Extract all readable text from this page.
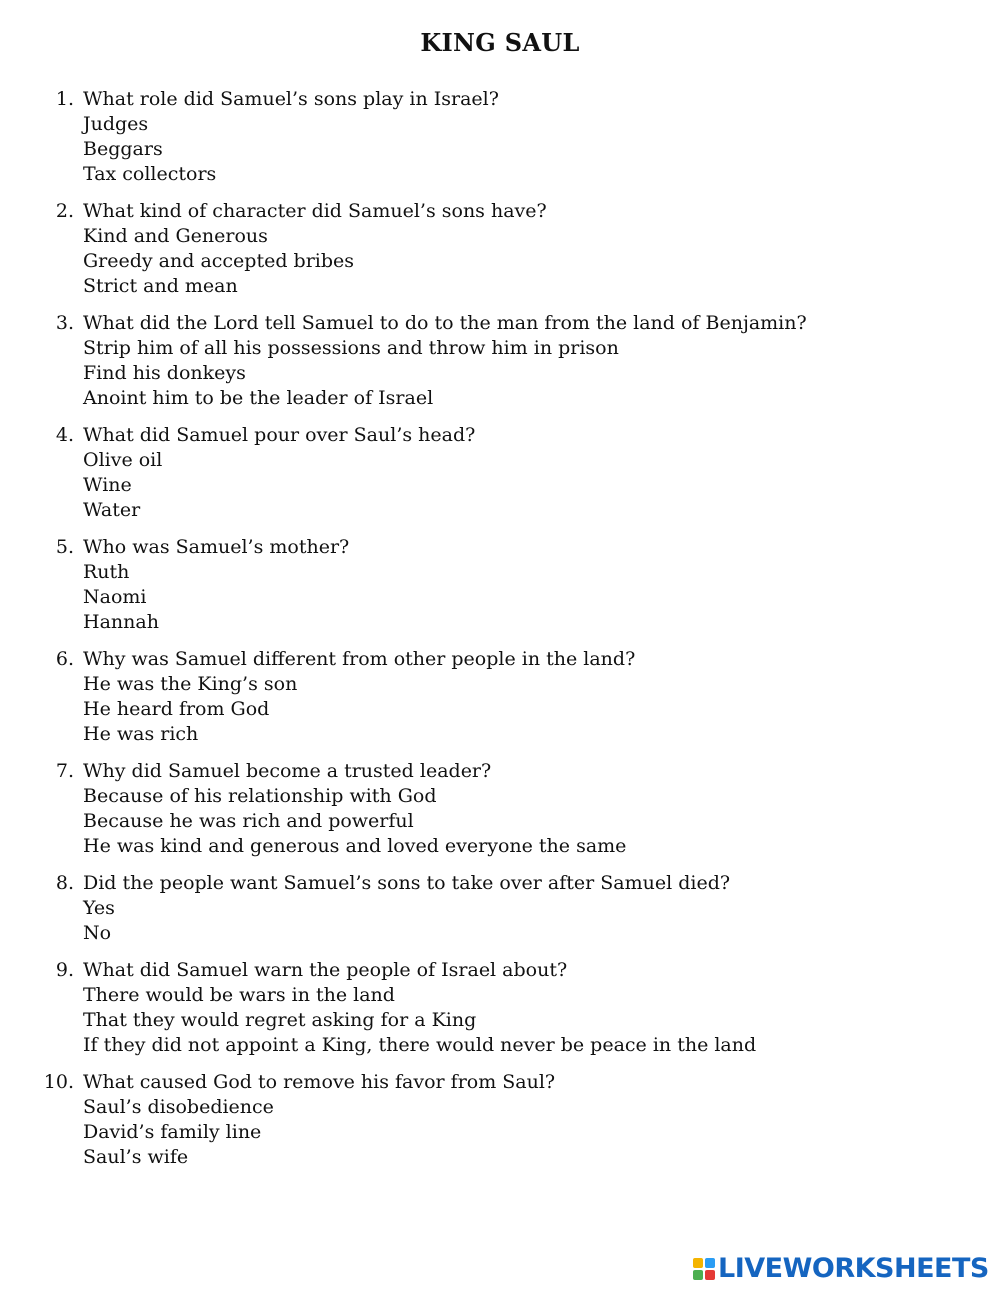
KING SAUL
1. What role did Samuel’s sons play in Israel?
Judges
Beggars
Tax collectors
2. What kind of character did Samuel’s sons have?
Kind and Generous
Greedy and accepted bribes
Strict and mean
3. What did the Lord tell Samuel to do to the man from the land of Benjamin?
Strip him of all his possessions and throw him in prison
Find his donkeys
Anoint him to be the leader of Israel
4. What did Samuel pour over Saul’s head?
Olive oil
Wine
Water
5. Who was Samuel’s mother?
Ruth
Naomi
Hannah
6. Why was Samuel different from other people in the land?
He was the King’s son
He heard from God
He was rich
7. Why did Samuel become a trusted leader?
Because of his relationship with God
Because he was rich and powerful
He was kind and generous and loved everyone the same
8. Did the people want Samuel’s sons to take over after Samuel died?
Yes
No
9. What did Samuel warn the people of Israel about?
There would be wars in the land
That they would regret asking for a King
If they did not appoint a King, there would never be peace in the land
10. What caused God to remove his favor from Saul?
Saul’s disobedience
David’s family line
Saul’s wife
LIVEWORKSHEETS
